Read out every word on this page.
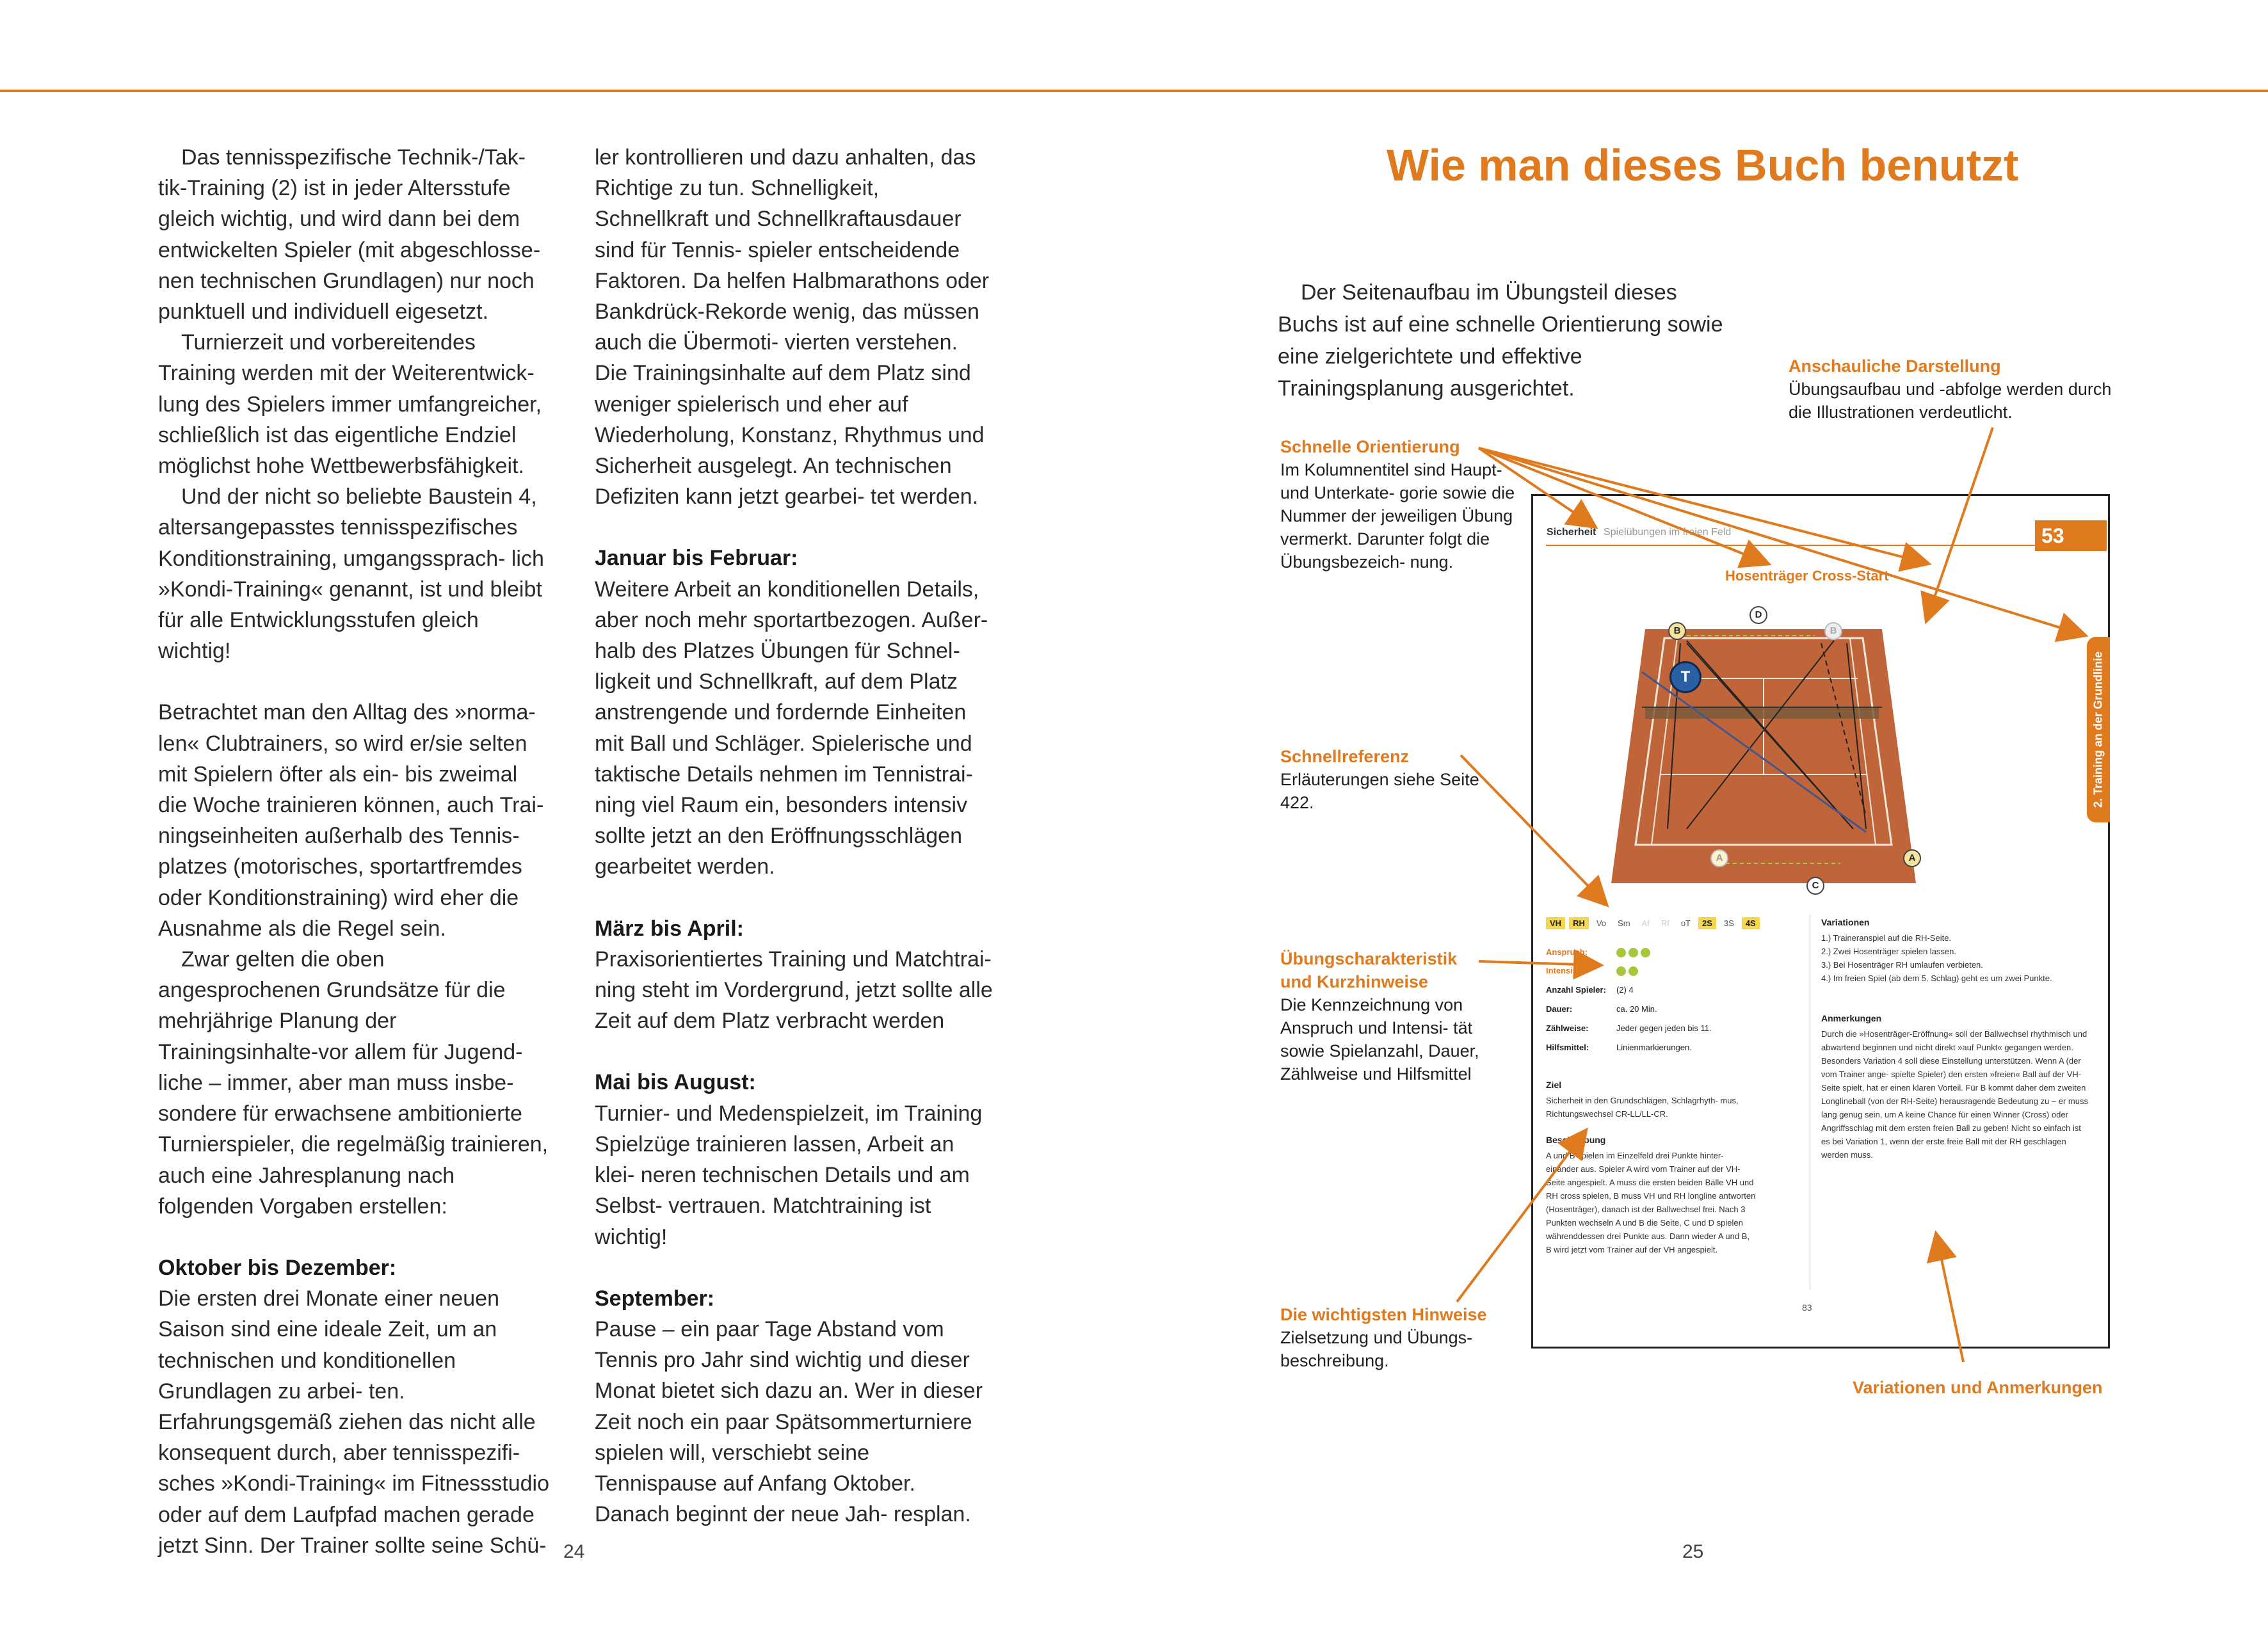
Das tennisspezifische Technik-/Tak- tik-Training (2) ist in jeder Altersstufe gleich wichtig, und wird dann bei dem entwickelten Spieler (mit abgeschlosse- nen technischen Grundlagen) nur noch punktuell und individuell eigesetzt.

Turnierzeit und vorbereitendes Training werden mit der Weiterentwick- lung des Spielers immer umfangreicher, schließlich ist das eigentliche Endziel möglichst hohe Wettbewerbsfähigkeit.

Und der nicht so beliebte Baustein 4, altersangepasstes tennisspezifisches Konditionstraining, umgangssprach- lich »Kondi-Training« genannt, ist und bleibt für alle Entwicklungsstufen gleich wichtig!

Betrachtet man den Alltag des »norma- len« Clubtrainers, so wird er/sie selten mit Spielern öfter als ein- bis zweimal die Woche trainieren können, auch Trai- ningseinheiten außerhalb des Tennis- platzes (motorisches, sportartfremdes oder Konditionstraining) wird eher die Ausnahme als die Regel sein.

Zwar gelten die oben angesprochenen Grundsätze für die mehrjährige Planung der Trainingsinhalte-vor allem für Jugend- liche – immer, aber man muss insbe- sondere für erwachsene ambitionierte Turnierspieler, die regelmäßig trainieren, auch eine Jahresplanung nach folgenden Vorgaben erstellen:

Oktober bis Dezember:

Die ersten drei Monate einer neuen Saison sind eine ideale Zeit, um an technischen und konditionellen Grundlagen zu arbei- ten. Erfahrungsgemäß ziehen das nicht alle konsequent durch, aber tennisspezifi- sches »Kondi-Training« im Fitnessstudio oder auf dem Laufpfad machen gerade jetzt Sinn. Der Trainer sollte seine Schü-

ler kontrollieren und dazu anhalten, das Richtige zu tun. Schnelligkeit, Schnellkraft und Schnellkraftausdauer sind für Tennis- spieler entscheidende Faktoren. Da helfen Halbmarathons oder Bankdrück-Rekorde wenig, das müssen auch die Übermoti- vierten verstehen. Die Trainingsinhalte auf dem Platz sind weniger spielerisch und eher auf Wiederholung, Konstanz, Rhythmus und Sicherheit ausgelegt. An technischen Defiziten kann jetzt gearbei- tet werden.

Januar bis Februar:

Weitere Arbeit an konditionellen Details, aber noch mehr sportartbezogen. Außer- halb des Platzes Übungen für Schnel- ligkeit und Schnellkraft, auf dem Platz anstrengende und fordernde Einheiten mit Ball und Schläger. Spielerische und taktische Details nehmen im Tennistrai- ning viel Raum ein, besonders intensiv sollte jetzt an den Eröffnungsschlägen gearbeitet werden.

März bis April:

Praxisorientiertes Training und Matchtrai- ning steht im Vordergrund, jetzt sollte alle Zeit auf dem Platz verbracht werden

Mai bis August:

Turnier- und Medenspielzeit, im Training Spielzüge trainieren lassen, Arbeit an klei- neren technischen Details und am Selbst- vertrauen. Matchtraining ist wichtig!

September:

Pause – ein paar Tage Abstand vom Tennis pro Jahr sind wichtig und dieser Monat bietet sich dazu an. Wer in dieser Zeit noch ein paar Spätsommerturniere spielen will, verschiebt seine Tennispause auf Anfang Oktober. Danach beginnt der neue Jah- resplan.

24
Wie man dieses Buch benutzt

Der Seitenaufbau im Übungsteil dieses Buchs ist auf eine schnelle Orientierung sowie eine zielgerichtete und effektive Trainingsplanung ausgerichtet.

Anschauliche Darstellung
Übungsaufbau und -abfolge werden durch die Illustrationen verdeutlicht.
Schnelle Orientierung
Im Kolumnentitel sind Haupt- und Unterkate- gorie sowie die Nummer der jeweiligen Übung vermerkt. Darunter folgt die Übungsbezeich- nung.
Schnellreferenz
Erläuterungen siehe Seite 422.
Übungscharakteristik und Kurzhinweise
Die Kennzeichnung von Anspruch und Intensi- tät sowie Spielanzahl, Dauer, Zählweise und Hilfsmittel
Die wichtigsten Hinweise
Zielsetzung und Übungs- beschreibung.
Variationen und Anmerkungen
Sicherheit Spielübungen im freien Feld	53
Hosenträger Cross-Start
2. Training an der Grundlinie
B
D
B
T
A
C
A
VH	RH	Vo	Sm	Af	Rf	oT	2S	3S	4S
Anspruch:
Intensität:
Anzahl Spieler: (2) 4
Dauer:	ca. 20 Min.
Zählweise:	Jeder gegen jeden bis 11.
Hilfsmittel:	Linienmarkierungen.
Ziel
Sicherheit in den Grundschlägen, Schlagrhyth- mus, Richtungswechsel CR-LL/LL-CR.
Beschreibung
A und B spielen im Einzelfeld drei Punkte hinter- einander aus. Spieler A wird vom Trainer auf der VH-Seite angespielt. A muss die ersten beiden Bälle VH und RH cross spielen, B muss VH und RH longline antworten (Hosenträger), danach ist der Ballwechsel frei. Nach 3 Punkten wechseln A und B die Seite, C und D spielen währenddessen drei Punkte aus. Dann wieder A und B, B wird jetzt vom Trainer auf der VH angespielt.
Variationen

1.) Traineranspiel auf die RH-Seite.

2.) Zwei Hosenträger spielen lassen.

3.) Bei Hosenträger RH umlaufen verbieten.

4.) Im freien Spiel (ab dem 5. Schlag) geht es um zwei Punkte.

Anmerkungen
Durch die »Hosenträger-Eröffnung« soll der Ballwechsel rhythmisch und abwartend beginnen und nicht direkt »auf Punkt« gegangen werden. Besonders Variation 4 soll diese Einstellung unterstützen. Wenn A (der vom Trainer ange- spielte Spieler) den ersten »freien« Ball auf der VH-Seite spielt, hat er einen klaren Vorteil. Für B kommt daher dem zweiten Longlineball (von der RH-Seite) herausragende Bedeutung zu – er muss lang genug sein, um A keine Chance für einen Winner (Cross) oder Angriffsschlag mit dem ersten freien Ball zu geben! Nicht so einfach ist es bei Variation 1, wenn der erste freie Ball mit der RH geschlagen werden muss.
83
25
